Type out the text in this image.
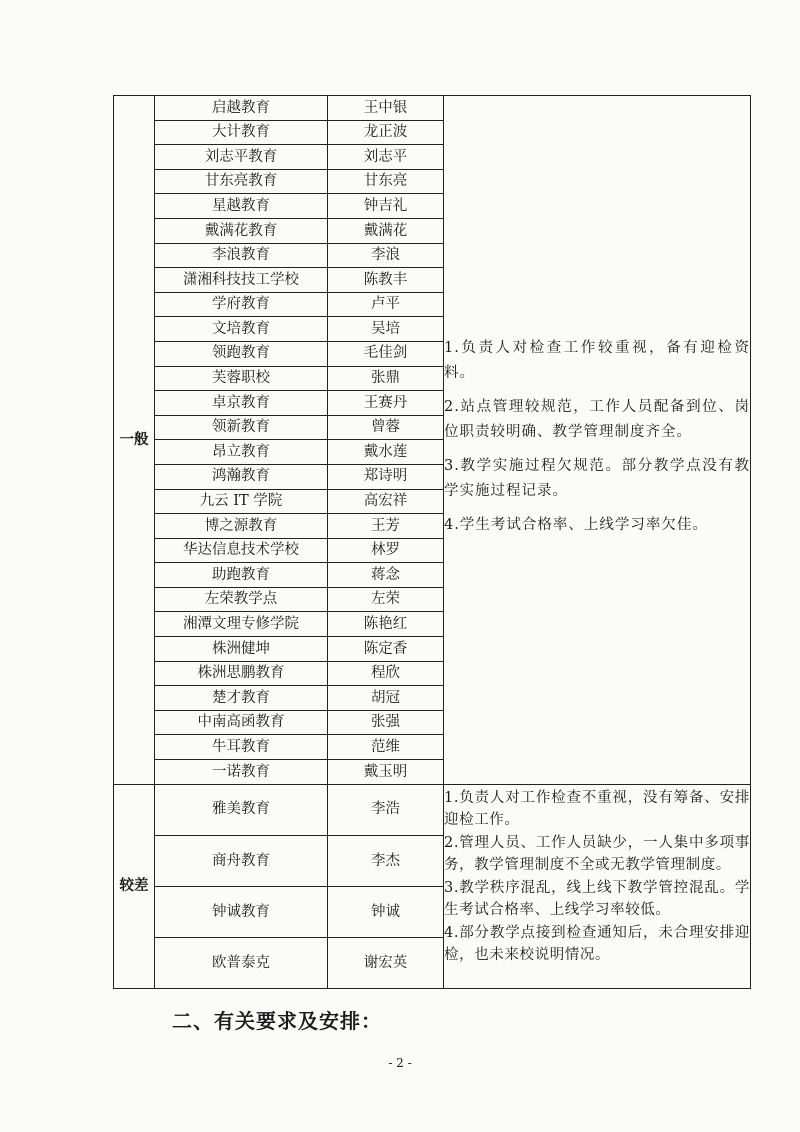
一般	启越教育	王中银	1.负责人对检查工作较重视，备有迎检资料。

2.站点管理较规范，工作人员配备到位、岗位职责较明确、教学管理制度齐全。

3.教学实施过程欠规范。部分教学点没有教学实施过程记录。

4.学生考试合格率、上线学习率欠佳。

	大计教育	龙正波	
	刘志平教育	刘志平	
	甘东亮教育	甘东亮	
	星越教育	钟吉礼	
	戴满花教育	戴满花	
	李浪教育	李浪	
	潇湘科技技工学校	陈教丰	
	学府教育	卢平	
	文培教育	吴培	
	领跑教育	毛佳剑	
	芙蓉职校	张鼎	
	卓京教育	王赛丹	
	领新教育	曾蓉	
	昂立教育	戴水莲	
	鸿瀚教育	郑诗明	
	九云 IT 学院	高宏祥	
	博之源教育	王芳	
	华达信息技术学校	林罗	
	助跑教育	蒋念	
	左荣教学点	左荣	
	湘潭文理专修学院	陈艳红	
	株洲健坤	陈定香	
	株洲思鹏教育	程欣	
	楚才教育	胡冠	
	中南高函教育	张强	
	牛耳教育	范维	
	一诺教育	戴玉明	
较差	雅美教育	李浩	1.负责人对工作检查不重视，没有筹备、安排迎检工作。

2.管理人员、工作人员缺少，一人集中多项事务，教学管理制度不全或无教学管理制度。

3.教学秩序混乱，线上线下教学管控混乱。学生考试合格率、上线学习率较低。

4.部分教学点接到检查通知后，未合理安排迎检，也未来校说明情况。

	商舟教育	李杰	
	钟诚教育	钟诚	
	欧普泰克	谢宏英	
二、有关要求及安排：
- 2 -
